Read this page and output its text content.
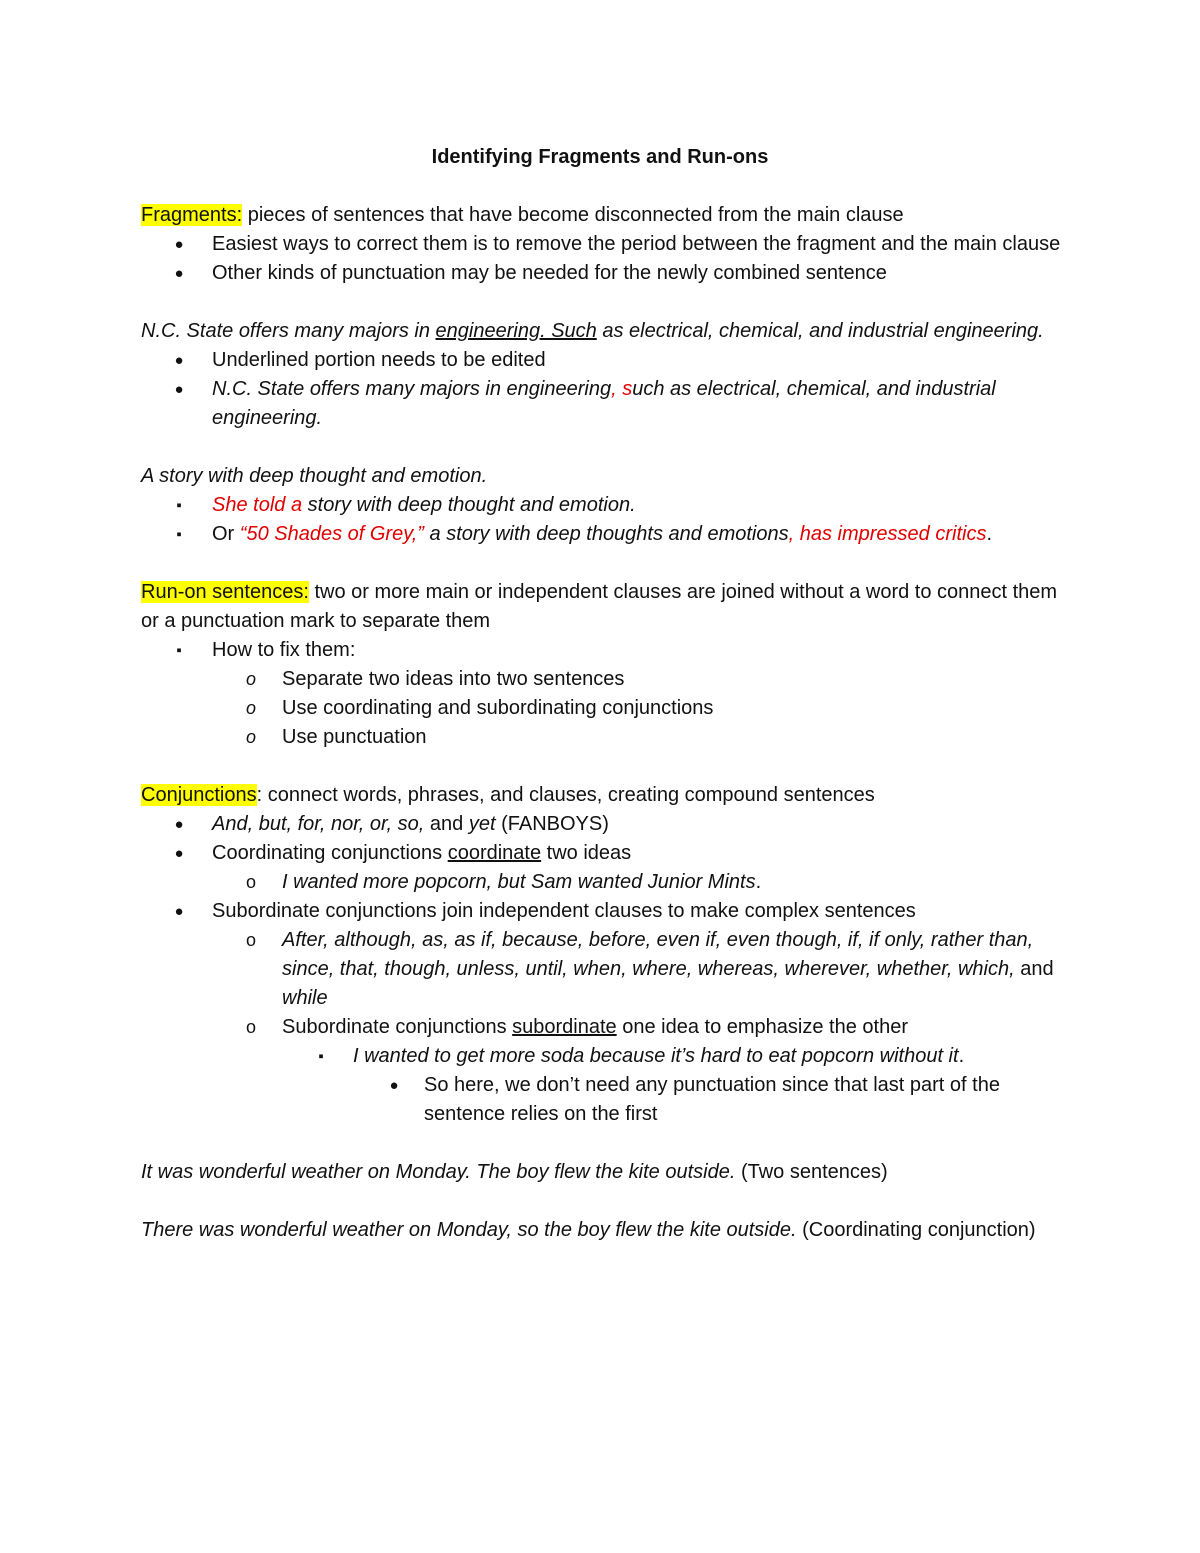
Identifying Fragments and Run-ons

Fragments: pieces of sentences that have become disconnected from the main clause

●
Easiest ways to correct them is to remove the period between the fragment and the main clause
●
Other kinds of punctuation may be needed for the newly combined sentence

N.C. State offers many majors in engineering. Such as electrical, chemical, and industrial engineering.

●
Underlined portion needs to be edited
●
N.C. State offers many majors in engineering, such as electrical, chemical, and industrial engineering.

A story with deep thought and emotion.

▪
She told a story with deep thought and emotion.
▪
Or “50 Shades of Grey,” a story with deep thoughts and emotions, has impressed critics.

Run-on sentences: two or more main or independent clauses are joined without a word to connect them or a punctuation mark to separate them

▪
How to fix them:
o
Separate two ideas into two sentences
o
Use coordinating and subordinating conjunctions
o
Use punctuation

Conjunctions: connect words, phrases, and clauses, creating compound sentences

●
And, but, for, nor, or, so, and yet (FANBOYS)
●
Coordinating conjunctions coordinate two ideas
o
I wanted more popcorn, but Sam wanted Junior Mints.
●
Subordinate conjunctions join independent clauses to make complex sentences
o
After, although, as, as if, because, before, even if, even though, if, if only, rather than, since, that, though, unless, until, when, where, whereas, wherever, whether, which, and while
o
Subordinate conjunctions subordinate one idea to emphasize the other
▪
I wanted to get more soda because it’s hard to eat popcorn without it.
●
So here, we don’t need any punctuation since that last part of the sentence relies on the first

It was wonderful weather on Monday. The boy flew the kite outside. (Two sentences)

There was wonderful weather on Monday, so the boy flew the kite outside. (Coordinating conjunction)
